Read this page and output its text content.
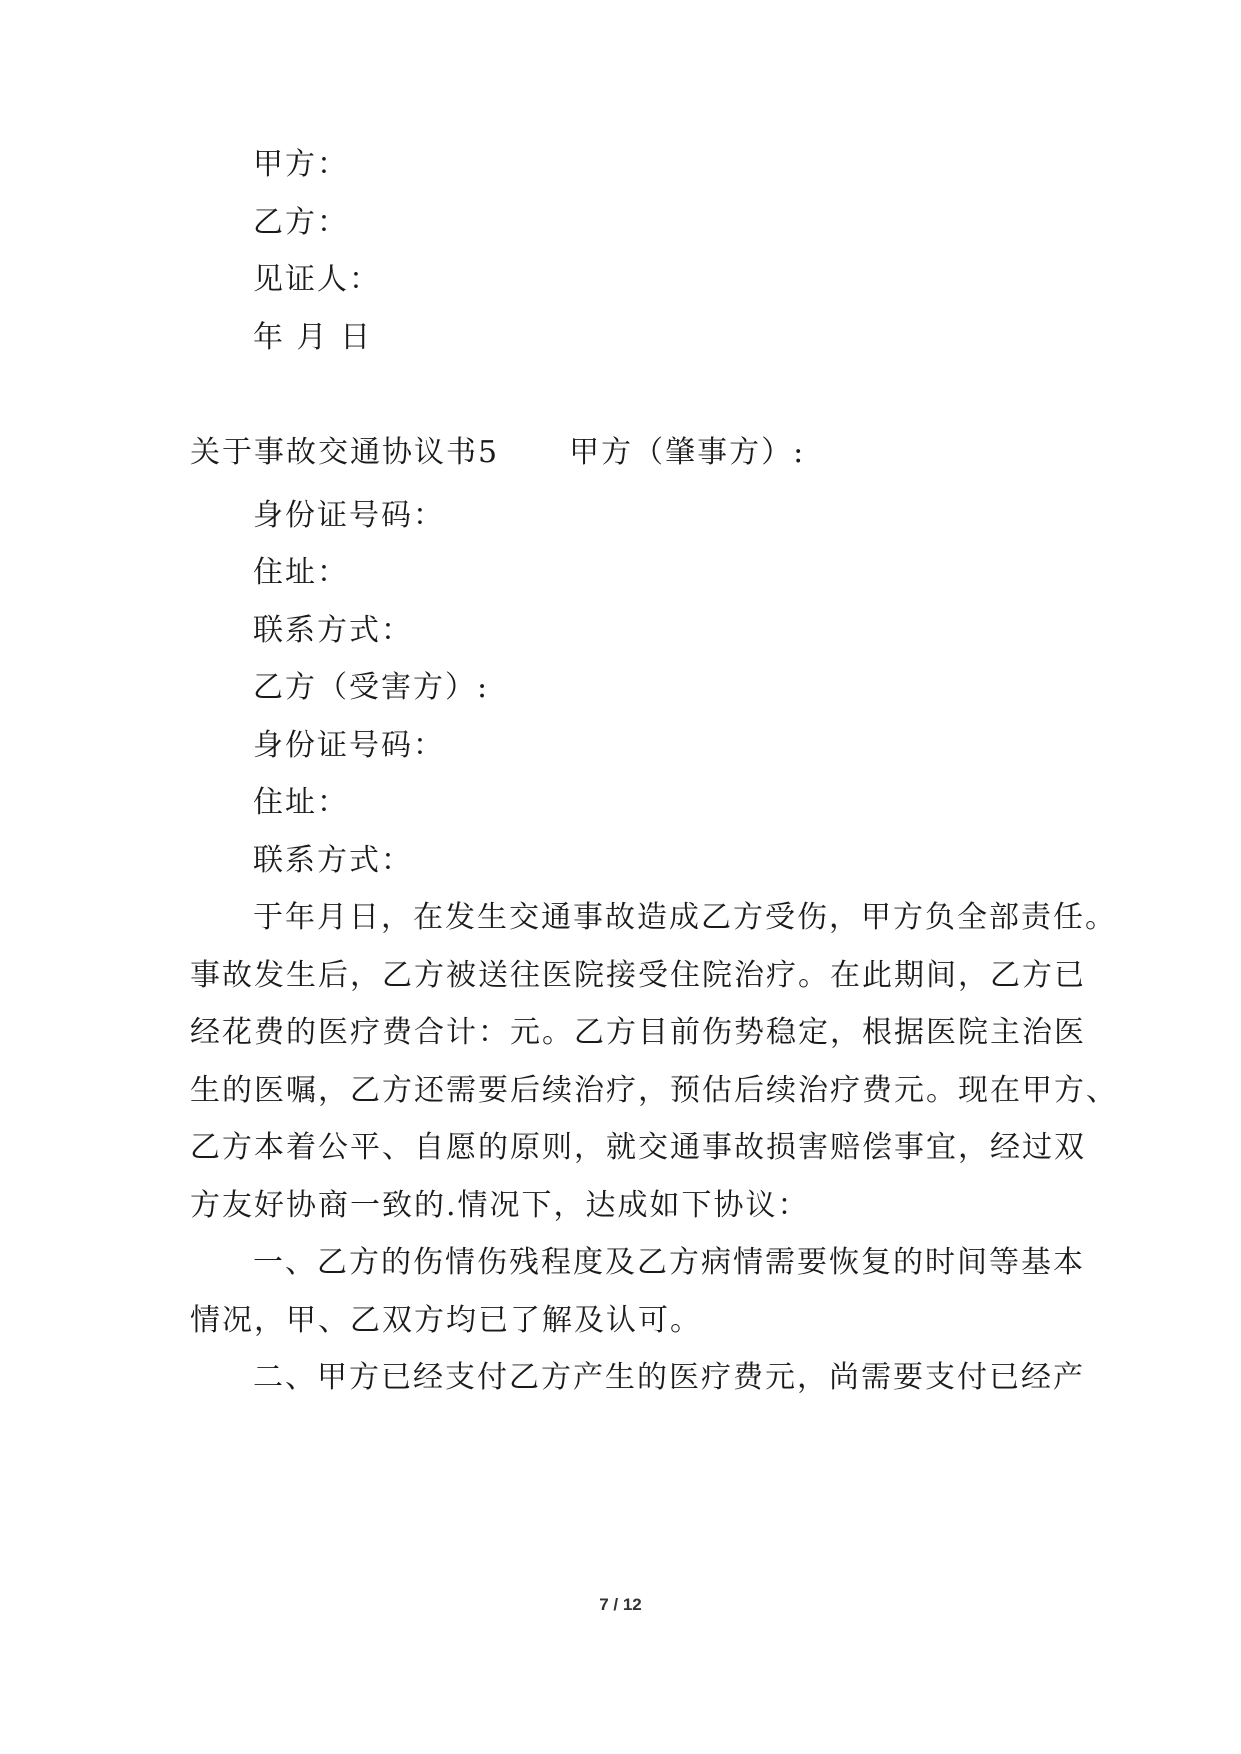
甲方：
乙方：
见证人：
年 月 日
关于事故交通协议书5 甲方（肇事方）:
身份证号码：
住址：
联系方式：
乙方（受害方）:
身份证号码：
住址：
联系方式：
于年月日，在发生交通事故造成乙方受伤，甲方负全部责任。
事故发生后，乙方被送往医院接受住院治疗。在此期间，乙方已
经花费的医疗费合计：元。乙方目前伤势稳定，根据医院主治医
生的医嘱，乙方还需要后续治疗，预估后续治疗费元。现在甲方、
乙方本着公平、自愿的原则，就交通事故损害赔偿事宜，经过双
方友好协商一致的.情况下，达成如下协议：
一、乙方的伤情伤残程度及乙方病情需要恢复的时间等基本
情况，甲、乙双方均已了解及认可。
二、甲方已经支付乙方产生的医疗费元，尚需要支付已经产
7 / 12
